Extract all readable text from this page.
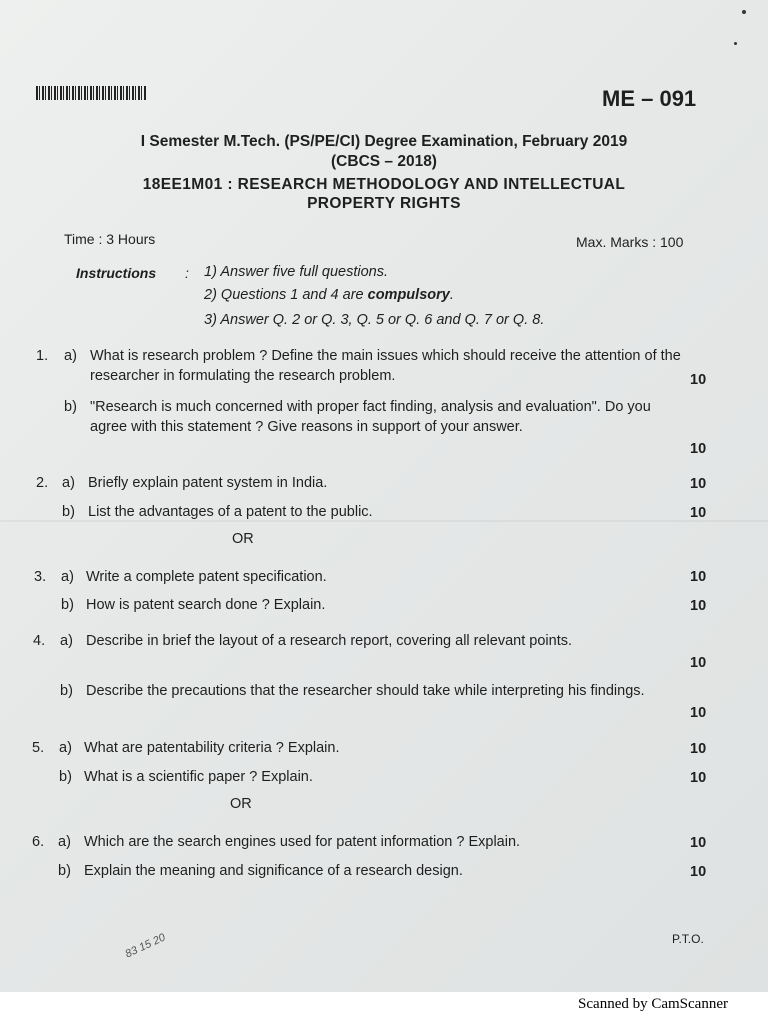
ME – 091
I Semester M.Tech. (PS/PE/CI) Degree Examination, February 2019
(CBCS – 2018)
18EE1M01 : RESEARCH METHODOLOGY AND INTELLECTUAL
PROPERTY RIGHTS
Time : 3 Hours	Max. Marks : 100
Instructions : 1) Answer five full questions.
2) Questions 1 and 4 are compulsory.
3) Answer Q. 2 or Q. 3, Q. 5 or Q. 6 and Q. 7 or Q. 8.
1. a) What is research problem ? Define the main issues which should receive the attention of the researcher in formulating the research problem.	10
b) "Research is much concerned with proper fact finding, analysis and evaluation". Do you agree with this statement ? Give reasons in support of your answer.
10
2. a) Briefly explain patent system in India.	10
b) List the advantages of a patent to the public.	10
OR
3. a) Write a complete patent specification.	10
b) How is patent search done ? Explain.	10
4. a) Describe in brief the layout of a research report, covering all relevant points.
10
b) Describe the precautions that the researcher should take while interpreting his findings.
10
5. a) What are patentability criteria ? Explain.	10
b) What is a scientific paper ? Explain.	10
OR
6. a) Which are the search engines used for patent information ? Explain.	10
b) Explain the meaning and significance of a research design.	10
83 15 20	P.T.O.
Scanned by CamScanner
